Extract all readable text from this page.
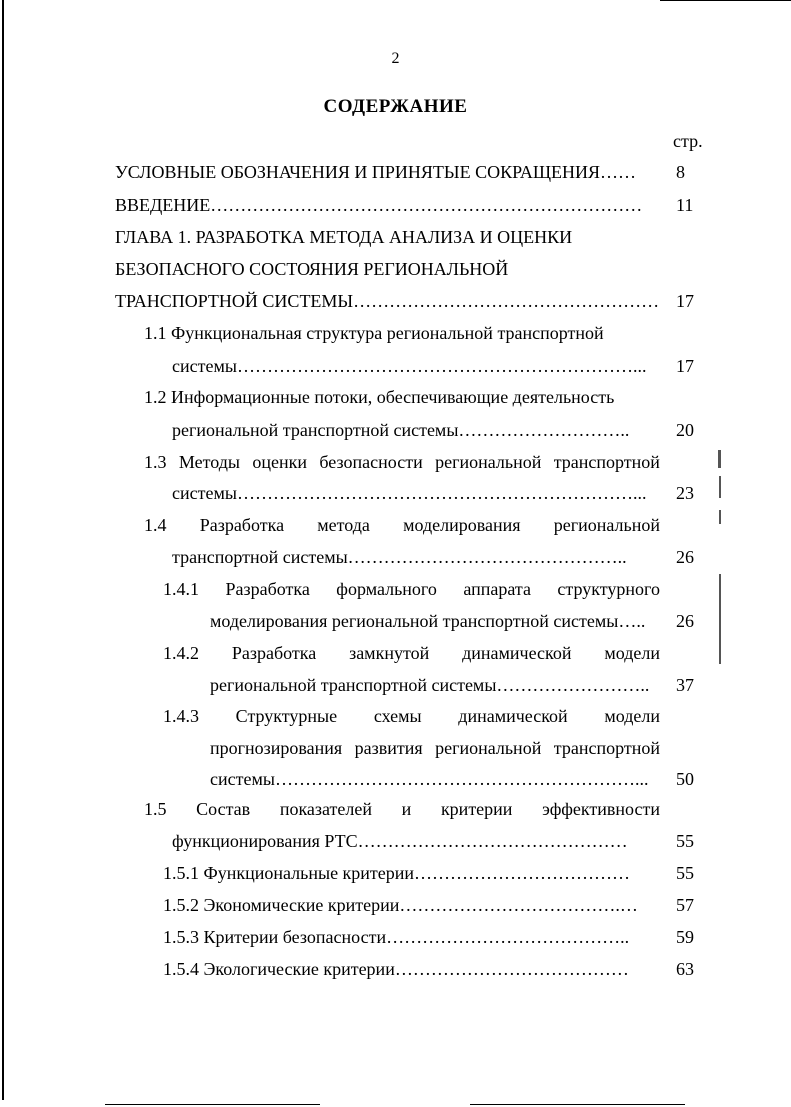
2
СОДЕРЖАНИЕ
стр.
УСЛОВНЫЕ ОБОЗНАЧЕНИЯ И ПРИНЯТЫЕ СОКРАЩЕНИЯ…… 8
ВВЕДЕНИЕ……………………………………………………………… 11
ГЛАВА 1. РАЗРАБОТКА МЕТОДА АНАЛИЗА И ОЦЕНКИ
БЕЗОПАСНОГО СОСТОЯНИЯ РЕГИОНАЛЬНОЙ
ТРАНСПОРТНОЙ СИСТЕМЫ…………………………………………… 17
1.1 Функциональная структура региональной транспортной
системы…………………………………………………………... 17
1.2 Информационные потоки, обеспечивающие деятельность
региональной транспортной системы………………………..	20
1.3 Методы оценки безопасности региональной транспортной
системы…………………………………………………………... 23
1.4 Разработка метода моделирования региональной
транспортной системы………………………………………..	26
1.4.1 Разработка формального аппарата структурного
моделирования региональной транспортной системы….. 26
1.4.2 Разработка замкнутой динамической модели
региональной транспортной системы…………………….. 37
1.4.3 Структурные схемы динамической модели
прогнозирования развития региональной транспортной
системы……………………………………………………... 50
1.5 Состав показателей и критерии эффективности
функционирования РТС………………………………………	55
1.5.1 Функциональные критерии………………………………	55
1.5.2 Экономические критерии……………………………….… 57
1.5.3 Критерии безопасности…………………………………..	59
1.5.4 Экологические критерии…………………………………	63
